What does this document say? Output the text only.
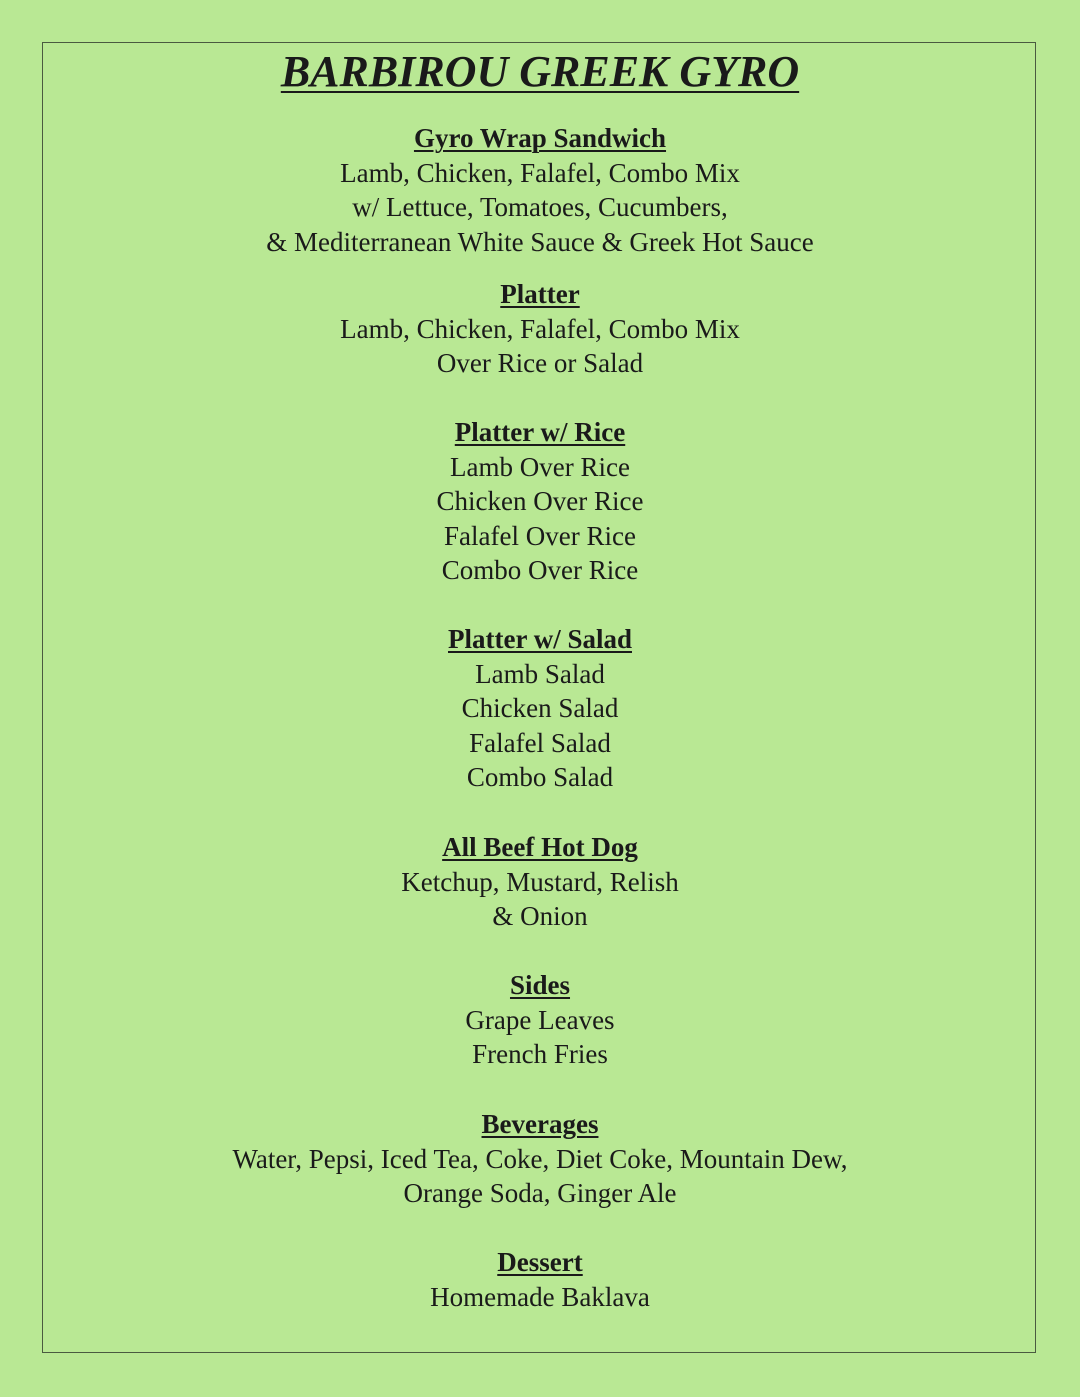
BARBIROU GREEK GYRO
Gyro Wrap Sandwich
Lamb, Chicken, Falafel, Combo Mix
w/ Lettuce, Tomatoes, Cucumbers,
& Mediterranean White Sauce & Greek Hot Sauce
Platter
Lamb, Chicken, Falafel, Combo Mix
Over Rice or Salad
Platter w/ Rice
Lamb Over Rice
Chicken Over Rice
Falafel Over Rice
Combo Over Rice
Platter w/ Salad
Lamb Salad
Chicken Salad
Falafel Salad
Combo Salad
All Beef Hot Dog
Ketchup, Mustard, Relish
& Onion
Sides
Grape Leaves
French Fries
Beverages
Water, Pepsi, Iced Tea, Coke, Diet Coke, Mountain Dew,
Orange Soda, Ginger Ale
Dessert
Homemade Baklava
